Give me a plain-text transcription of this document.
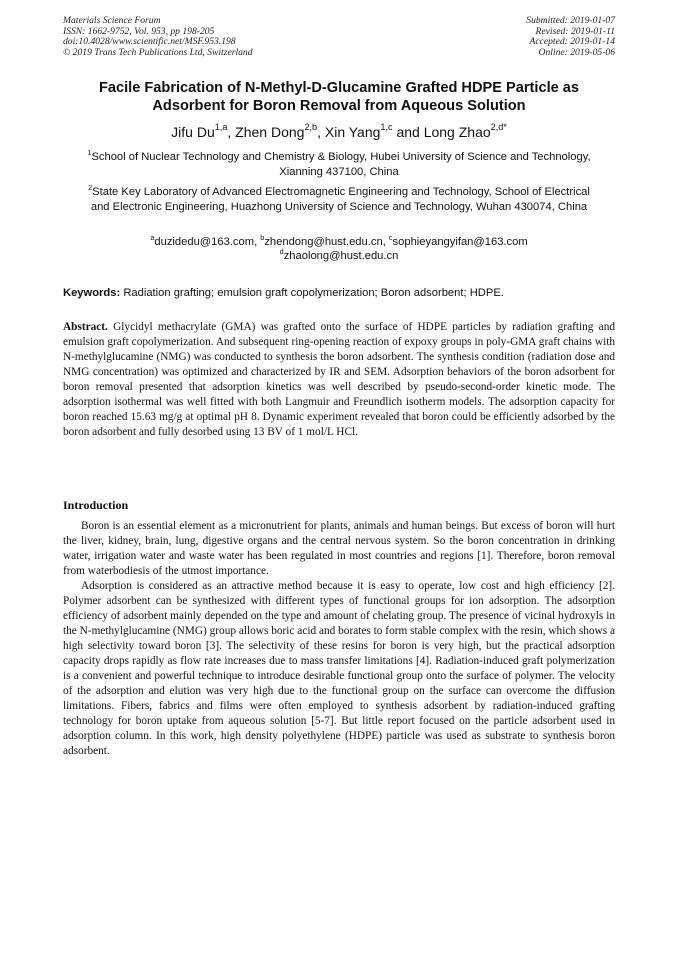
Materials Science Forum
ISSN: 1662-9752, Vol. 953, pp 198-205
doi:10.4028/www.scientific.net/MSF.953.198
© 2019 Trans Tech Publications Ltd, Switzerland
Submitted: 2019-01-07
Revised: 2019-01-11
Accepted: 2019-01-14
Online: 2019-05-06
Facile Fabrication of N-Methyl-D-Glucamine Grafted HDPE Particle as
Adsorbent for Boron Removal from Aqueous Solution
Jifu Du$^{1,a}$, Zhen Dong$^{2,b}$, Xin Yang$^{1,c}$ and Long Zhao$^{2,d*}$
$^1$School of Nuclear Technology and Chemistry & Biology, Hubei University of Science and Technology, Xianning 437100, China
$^2$State Key Laboratory of Advanced Electromagnetic Engineering and Technology, School of Electrical and Electronic Engineering, Huazhong University of Science and Technology, Wuhan 430074, China
$^a$duzidedu@163.com, $^b$zhendong@hust.edu.cn, $^c$sophieyangyifan@163.com
$^d$zhaolong@hust.edu.cn
Keywords: Radiation grafting; emulsion graft copolymerization; Boron adsorbent; HDPE.
Abstract. Glycidyl methacrylate (GMA) was grafted onto the surface of HDPE particles by radiation grafting and emulsion graft copolymerization. And subsequent ring-opening reaction of expoxy groups in poly-GMA graft chains with N-methylglucamine (NMG) was conducted to synthesis the boron adsorbent. The synthesis condition (radiation dose and NMG concentration) was optimized and characterized by IR and SEM. Adsorption behaviors of the boron adsorbent for boron removal presented that adsorption kinetics was well described by pseudo-second-order kinetic mode. The adsorption isothermal was well fitted with both Langmuir and Freundlich isotherm models. The adsorption capacity for boron reached 15.63 mg/g at optimal pH 8. Dynamic experiment revealed that boron could be efficiently adsorbed by the boron adsorbent and fully desorbed using 13 BV of 1 mol/L HCl.
Introduction

Boron is an essential element as a micronutrient for plants, animals and human beings. But excess of boron will hurt the liver, kidney, brain, lung, digestive organs and the central nervous system. So the boron concentration in drinking water, irrigation water and waste water has been regulated in most countries and regions [1]. Therefore, boron removal from waterbodiesis of the utmost importance.

Adsorption is considered as an attractive method because it is easy to operate, low cost and high efficiency [2]. Polymer adsorbent can be synthesized with different types of functional groups for ion adsorption. The adsorption efficiency of adsorbent mainly depended on the type and amount of chelating group. The presence of vicinal hydroxyls in the N-methylglucamine (NMG) group allows boric acid and borates to form stable complex with the resin, which shows a high selectivity toward boron [3]. The selectivity of these resins for boron is very high, but the practical adsorption capacity drops rapidly as flow rate increases due to mass transfer limitations [4]. Radiation-induced graft polymerization is a convenient and powerful technique to introduce desirable functional group onto the surface of polymer. The velocity of the adsorption and elution was very high due to the functional group on the surface can overcome the diffusion limitations. Fibers, fabrics and films were often employed to synthesis adsorbent by radiation-induced grafting technology for boron uptake from aqueous solution [5-7]. But little report focused on the particle adsorbent used in adsorption column. In this work, high density polyethylene (HDPE) particle was used as substrate to synthesis boron adsorbent.
